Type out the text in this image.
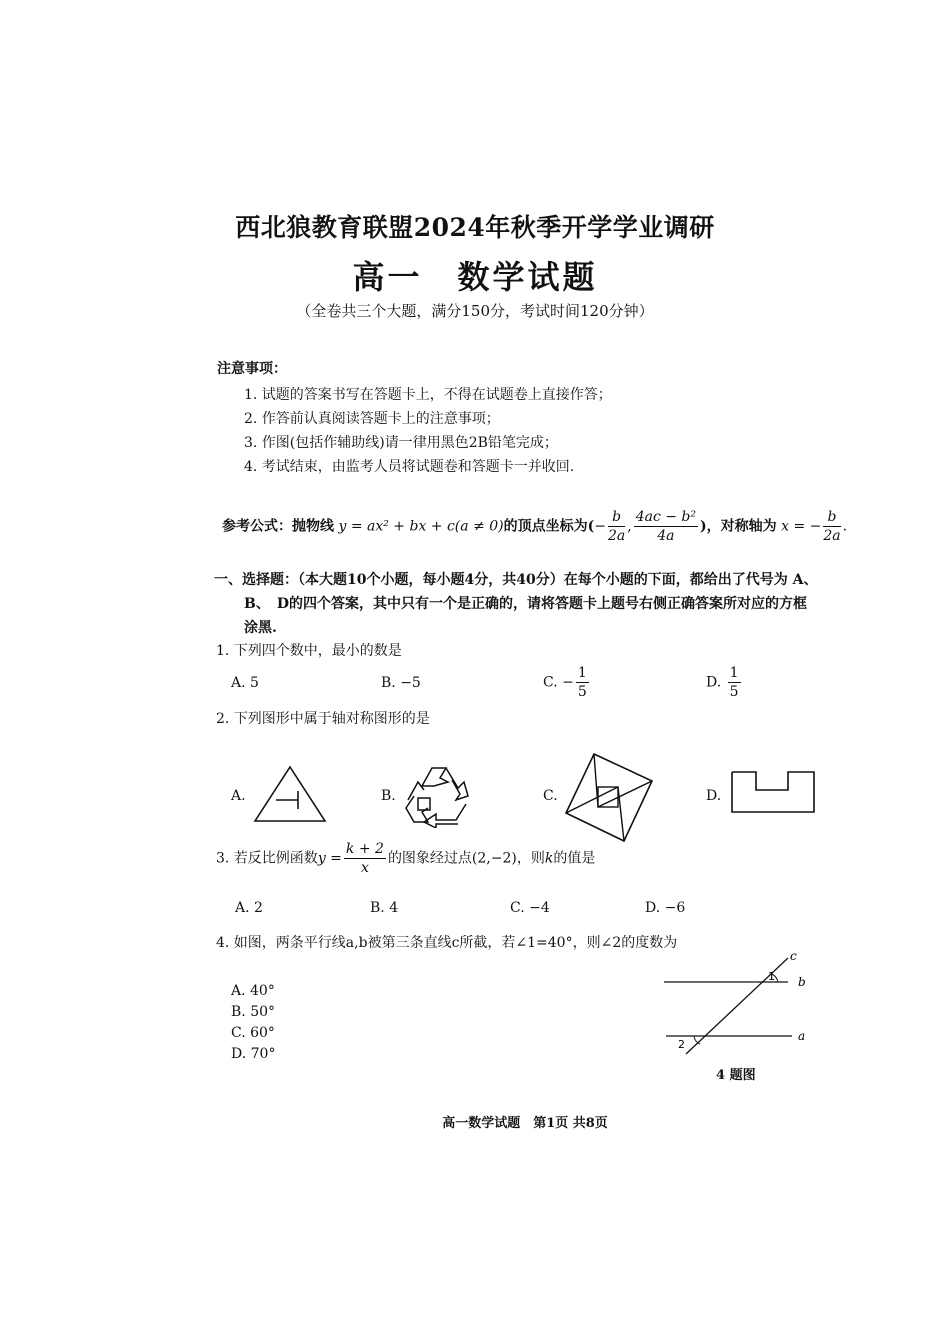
西北狼教育联盟2024年秋季开学学业调研
高一　数学试题
（全卷共三个大题，满分150分，考试时间120分钟）
注意事项：
1. 试题的答案书写在答题卡上，不得在试题卷上直接作答；
2. 作答前认真阅读答题卡上的注意事项；
3. 作图(包括作辅助线)请一律用黑色2B铅笔完成；
4. 考试结束，由监考人员将试题卷和答题卡一并收回.
参考公式：抛物线 y = ax² + bx + c(a ≠ 0)的顶点坐标为(− $\frac{b}{2a}$ , $\frac{\text{4ac − b²}}{4a}$ )，对称轴为 x = − $\frac{b}{2a}$ .
一、选择题：（本大题10个小题，每小题4分，共40分）在每个小题的下面，都给出了代号为 A、
B、　D的四个答案，其中只有一个是正确的，请将答题卡上题号右侧正确答案所对应的方框
涂黑.
1. 下列四个数中，最小的数是
A. 5	B. −5	C. − $\frac{1}{5}$	D. $\frac{1}{5}$
2. 下列图形中属于轴对称图形的是
A.	B.	C.	D.
3. 若反比例函数$y = \frac{k + 2}{x}$ 的图象经过点(2,−2)，则k的值是
A. 2	B. 4	C. −4	D. −6
4. 如图，两条平行线a,b被第三条直线c所截，若∠1=40°，则∠2的度数为
A. 40°
B. 50°
C. 60°
D. 70°
c
b
a
1
2
4 题图
高一数学试题　第1页 共8页
